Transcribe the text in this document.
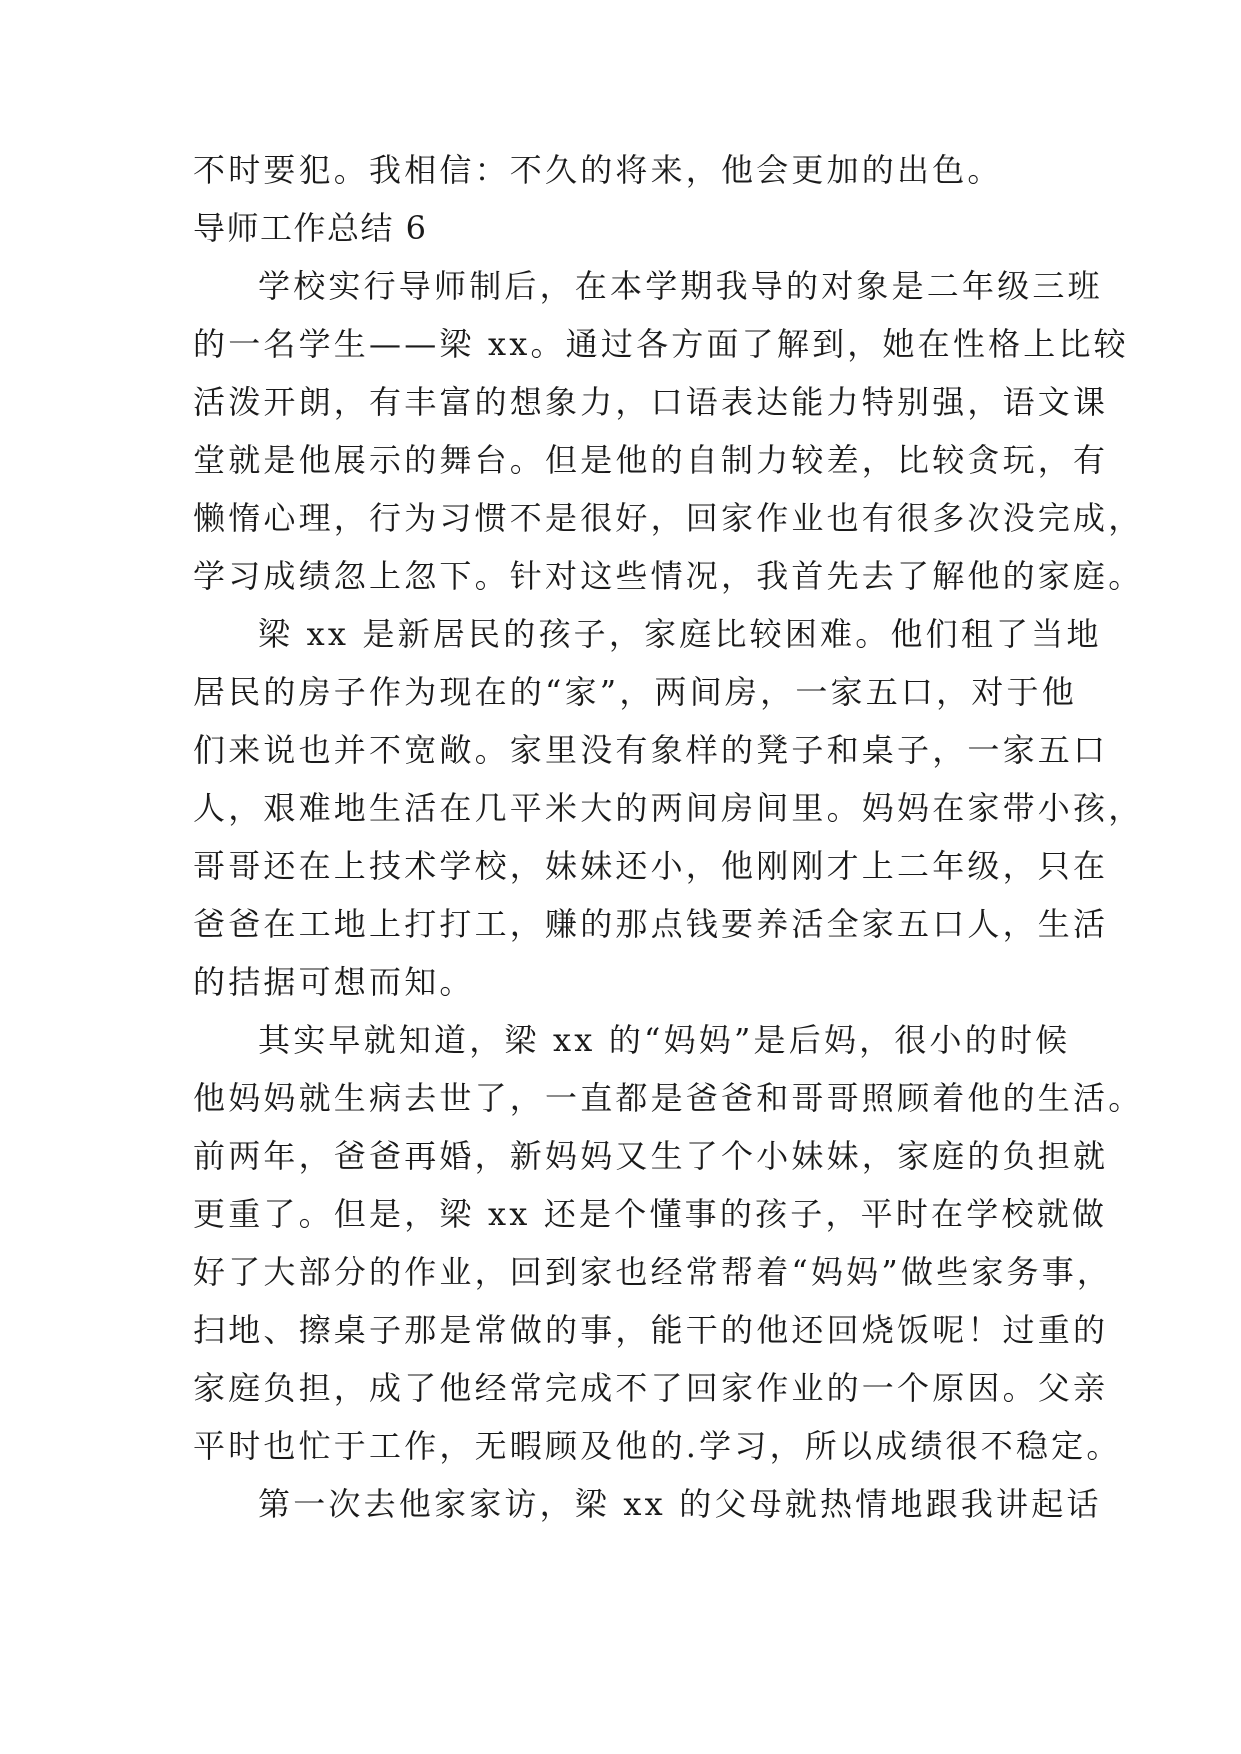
不时要犯。我相信：不久的将来，他会更加的出色。
导师工作总结 6
学校实行导师制后，在本学期我导的对象是二年级三班
的一名学生——梁 xx。通过各方面了解到，她在性格上比较
活泼开朗，有丰富的想象力，口语表达能力特别强，语文课
堂就是他展示的舞台。但是他的自制力较差，比较贪玩，有
懒惰心理，行为习惯不是很好，回家作业也有很多次没完成，
学习成绩忽上忽下。针对这些情况，我首先去了解他的家庭。
梁 xx 是新居民的孩子，家庭比较困难。他们租了当地
居民的房子作为现在的“家”，两间房，一家五口，对于他
们来说也并不宽敞。家里没有象样的凳子和桌子，一家五口
人，艰难地生活在几平米大的两间房间里。妈妈在家带小孩，
哥哥还在上技术学校，妹妹还小，他刚刚才上二年级，只在
爸爸在工地上打打工，赚的那点钱要养活全家五口人，生活
的拮据可想而知。
其实早就知道，梁 xx 的“妈妈”是后妈，很小的时候
他妈妈就生病去世了，一直都是爸爸和哥哥照顾着他的生活。
前两年，爸爸再婚，新妈妈又生了个小妹妹，家庭的负担就
更重了。但是，梁 xx 还是个懂事的孩子，平时在学校就做
好了大部分的作业，回到家也经常帮着“妈妈”做些家务事，
扫地、擦桌子那是常做的事，能干的他还回烧饭呢！过重的
家庭负担，成了他经常完成不了回家作业的一个原因。父亲
平时也忙于工作，无暇顾及他的.学习，所以成绩很不稳定。
第一次去他家家访，梁 xx 的父母就热情地跟我讲起话
